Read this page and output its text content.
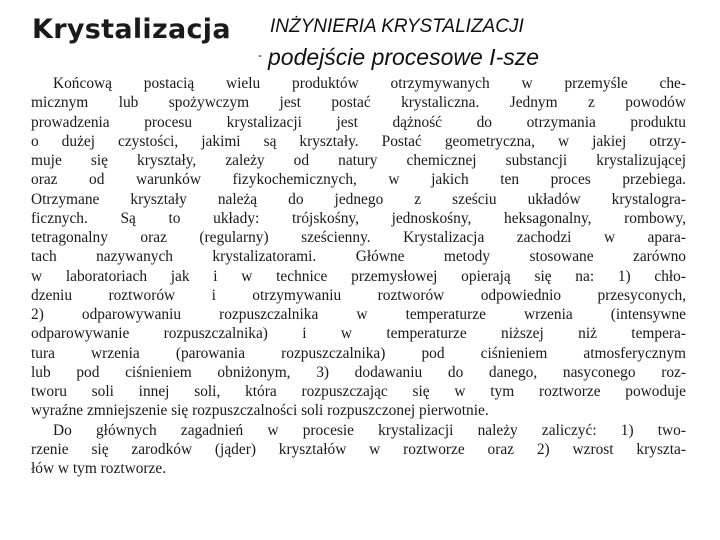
Krystalizacja INŻYNIERIA KRYSTALIZACJI
- podejście procesowe I-sze
Końcową postacią wielu produktów otrzymywanych w przemyśle che-
micznym lub spożywczym jest postać krystaliczna. Jednym z powodów
prowadzenia procesu krystalizacji jest dążność do otrzymania produktu
o dużej czystości, jakimi są kryształy. Postać geometryczna, w jakiej otrzy-
muje się kryształy, zależy od natury chemicznej substancji krystalizującej
oraz od warunków fizykochemicznych, w jakich ten proces przebiega.
Otrzymane kryształy należą do jednego z sześciu układów krystalogra-
ficznych. Są to układy: trójskośny, jednoskośny, heksagonalny, rombowy,
tetragonalny oraz (regularny) sześcienny. Krystalizacja zachodzi w apara-
tach nazywanych krystalizatorami. Główne metody stosowane zarówno
w laboratoriach jak i w technice przemysłowej opierają się na: 1) chło-
dzeniu roztworów i otrzymywaniu roztworów odpowiednio przesyconych,
2) odparowywaniu rozpuszczalnika w temperaturze wrzenia (intensywne
odparowywanie rozpuszczalnika) i w temperaturze niższej niż tempera-
tura wrzenia (parowania rozpuszczalnika) pod ciśnieniem atmosferycznym
lub pod ciśnieniem obniżonym, 3) dodawaniu do danego, nasyconego roz-
tworu soli innej soli, która rozpuszczając się w tym roztworze powoduje
wyraźne zmniejszenie się rozpuszczalności soli rozpuszczonej pierwotnie.
Do głównych zagadnień w procesie krystalizacji należy zaliczyć: 1) two-
rzenie się zarodków (jąder) kryształów w roztworze oraz 2) wzrost kryszta-
łów w tym roztworze.
